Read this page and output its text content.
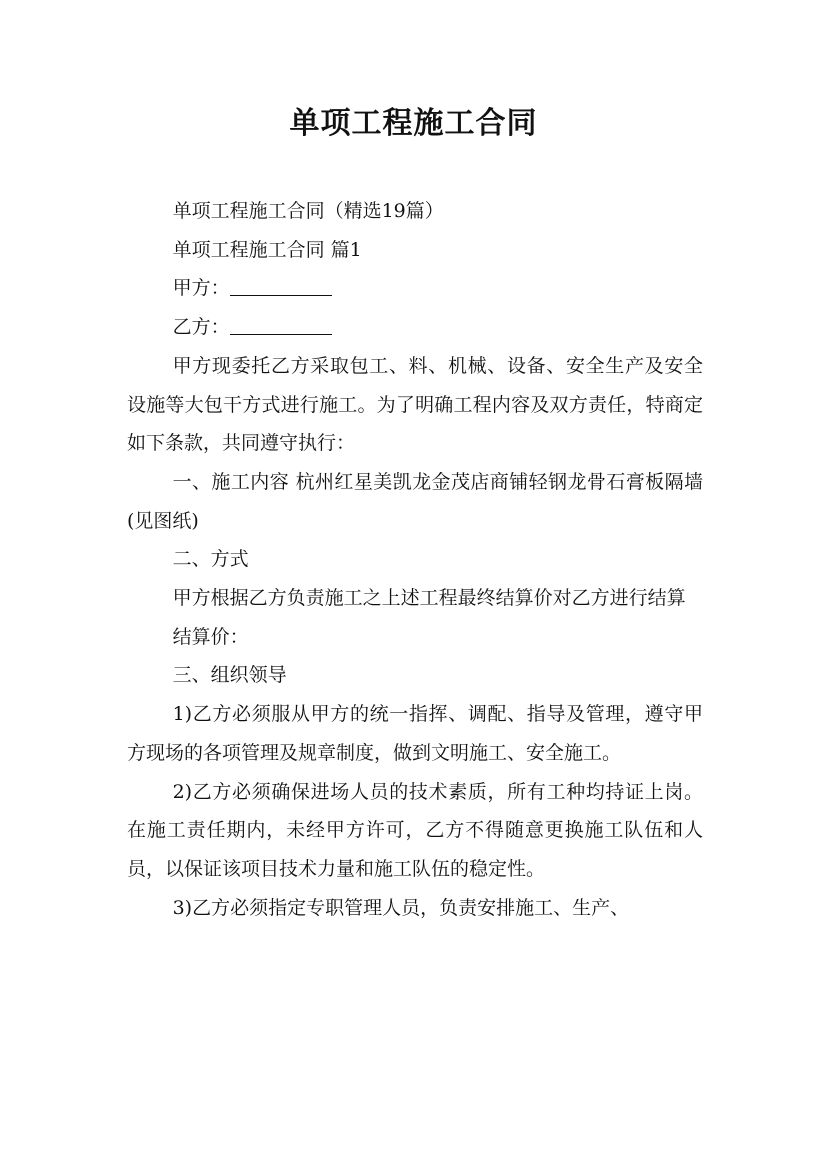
单项工程施工合同

单项工程施工合同（精选19篇）

单项工程施工合同 篇1

甲方：

乙方：

甲方现委托乙方采取包工、料、机械、设备、安全生产及安全设施等大包干方式进行施工。为了明确工程内容及双方责任，特商定如下条款，共同遵守执行：

一、施工内容 杭州红星美凯龙金茂店商铺轻钢龙骨石膏板隔墙(见图纸)

二、方式

甲方根据乙方负责施工之上述工程最终结算价对乙方进行结算

结算价：

三、组织领导

1)乙方必须服从甲方的统一指挥、调配、指导及管理，遵守甲方现场的各项管理及规章制度，做到文明施工、安全施工。

2)乙方必须确保进场人员的技术素质，所有工种均持证上岗。在施工责任期内，未经甲方许可，乙方不得随意更换施工队伍和人员，以保证该项目技术力量和施工队伍的稳定性。

3)乙方必须指定专职管理人员，负责安排施工、生产、
